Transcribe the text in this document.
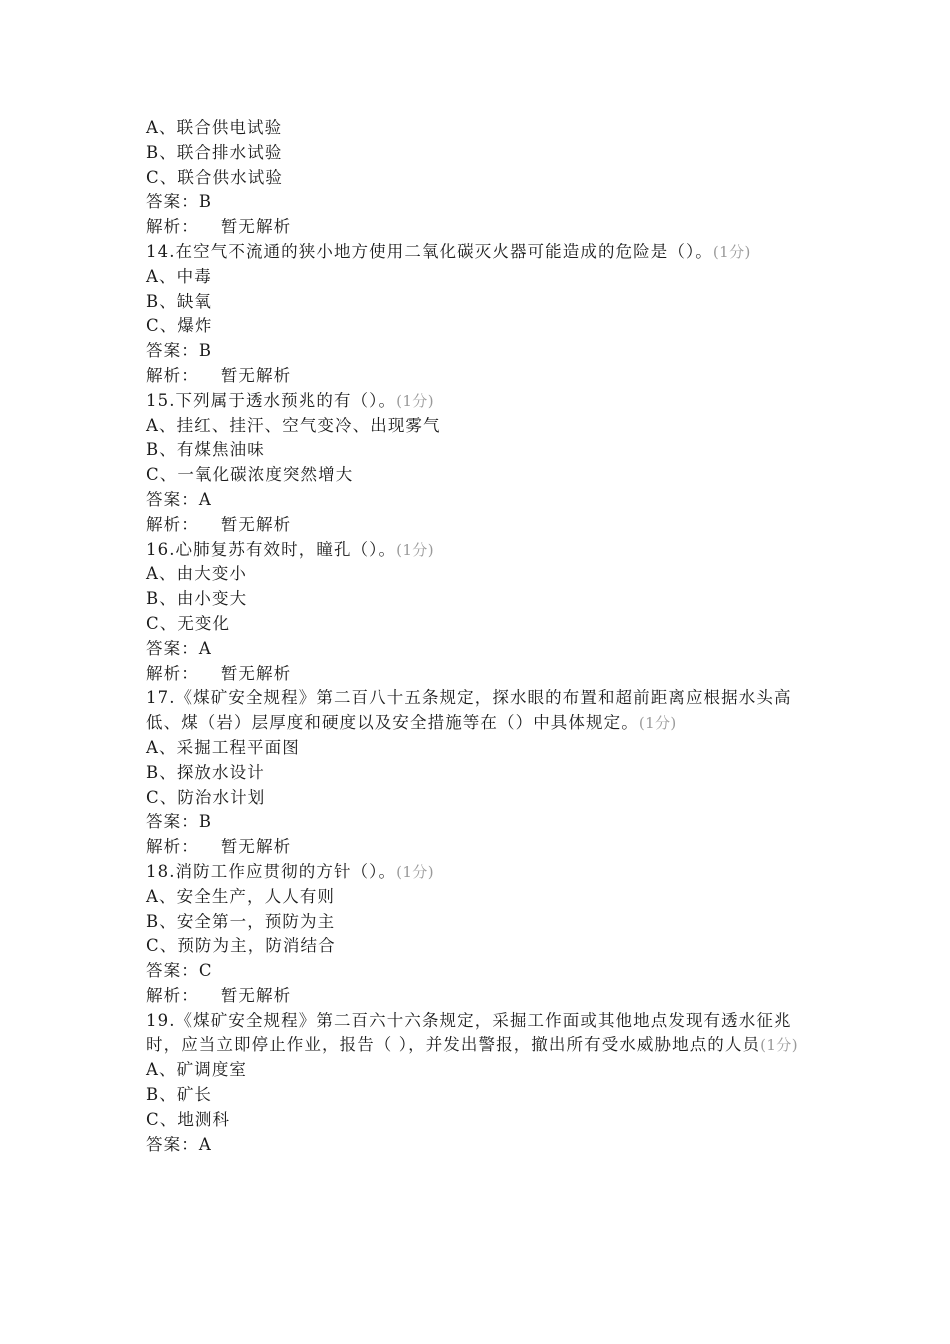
A、联合供电试验
B、联合排水试验
C、联合供水试验
答案：B
解析： 暂无解析
14.在空气不流通的狭小地方使用二氧化碳灭火器可能造成的危险是（）。(1分)
A、中毒
B、缺氧
C、爆炸
答案：B
解析： 暂无解析
15.下列属于透水预兆的有（）。(1分)
A、挂红、挂汗、空气变冷、出现雾气
B、有煤焦油味
C、一氧化碳浓度突然增大
答案：A
解析： 暂无解析
16.心肺复苏有效时，瞳孔（）。(1分)
A、由大变小
B、由小变大
C、无变化
答案：A
解析： 暂无解析
17.《煤矿安全规程》第二百八十五条规定，探水眼的布置和超前距离应根据水头高低、煤（岩）层厚度和硬度以及安全措施等在（）中具体规定。(1分)
A、采掘工程平面图
B、探放水设计
C、防治水计划
答案：B
解析： 暂无解析
18.消防工作应贯彻的方针（）。(1分)
A、安全生产，人人有则
B、安全第一，预防为主
C、预防为主，防消结合
答案：C
解析： 暂无解析
19.《煤矿安全规程》第二百六十六条规定，采掘工作面或其他地点发现有透水征兆时，应当立即停止作业，报告（ ），并发出警报，撤出所有受水威胁地点的人员(1分)
A、矿调度室
B、矿长
C、地测科
答案：A
